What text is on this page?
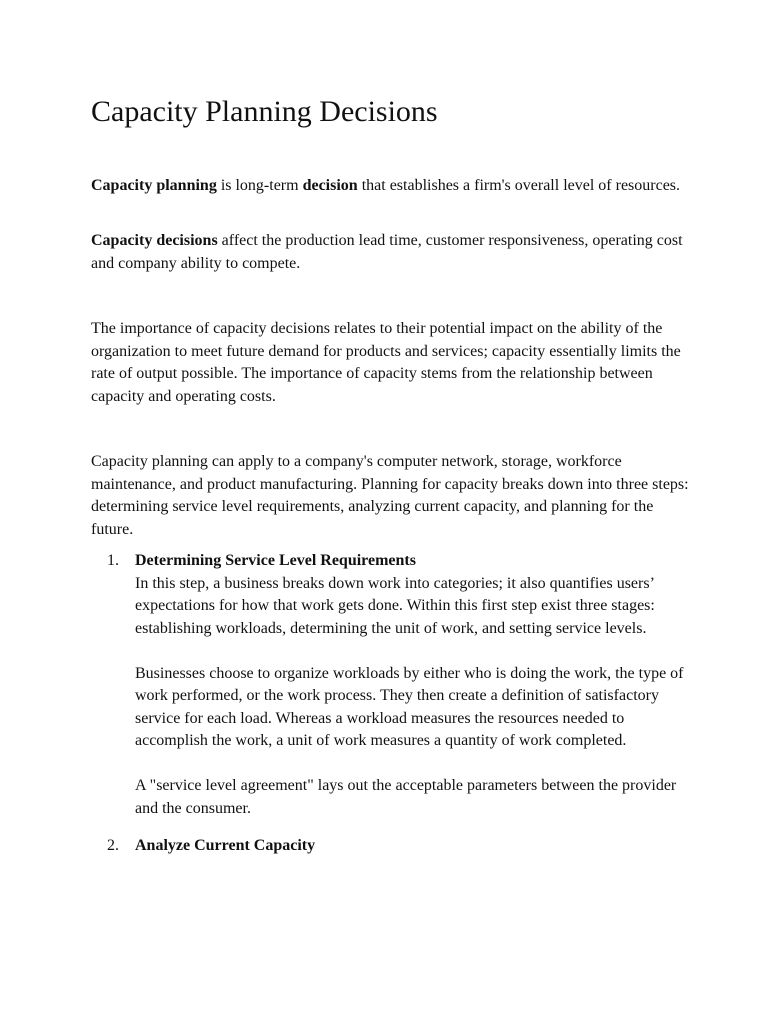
Capacity Planning Decisions

Capacity planning is long-term decision that establishes a firm's overall level of resources.

Capacity decisions affect the production lead time, customer responsiveness, operating cost and company ability to compete.

The importance of capacity decisions relates to their potential impact on the ability of the organization to meet future demand for products and services; capacity essentially limits the rate of output possible. The importance of capacity stems from the relationship between capacity and operating costs.

Capacity planning can apply to a company's computer network, storage, workforce maintenance, and product manufacturing. Planning for capacity breaks down into three steps: determining service level requirements, analyzing current capacity, and planning for the future.

1. Determining Service Level Requirements

In this step, a business breaks down work into categories; it also quantifies users’ expectations for how that work gets done. Within this first step exist three stages: establishing workloads, determining the unit of work, and setting service levels.

Businesses choose to organize workloads by either who is doing the work, the type of work performed, or the work process. They then create a definition of satisfactory service for each load. Whereas a workload measures the resources needed to accomplish the work, a unit of work measures a quantity of work completed.

A "service level agreement" lays out the acceptable parameters between the provider and the consumer.

2. Analyze Current Capacity
